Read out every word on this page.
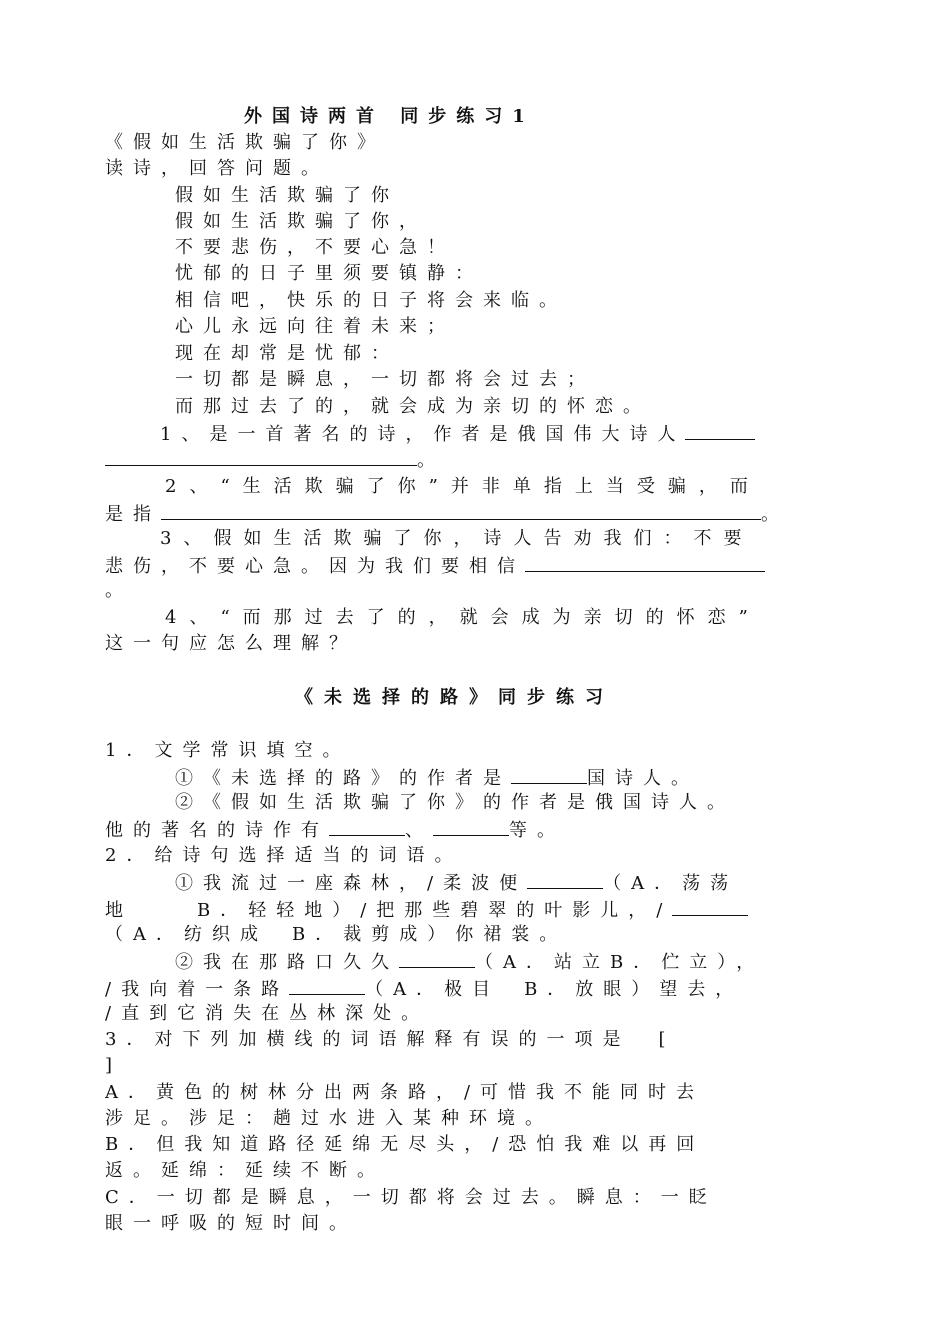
外国诗两首 同步练习1
《假如生活欺骗了你》
读诗，回答问题。
假如生活欺骗了你
假如生活欺骗了你，
不要悲伤，不要心急！
忧郁的日子里须要镇静：
相信吧，快乐的日子将会来临。
心儿永远向往着未来；
现在却常是忧郁：
一切都是瞬息，一切都将会过去；
而那过去了的，就会成为亲切的怀恋。
1、是一首著名的诗，作者是俄国伟大诗人
。
2、“生活欺骗了你”并非单指上当受骗，而
是指	。
3、假如生活欺骗了你，诗人告劝我们：不要
悲伤，不要心急。因为我们要相信
。
4、“而那过去了的，就会成为亲切的怀恋”
这一句应怎么理解？
《未选择的路》同步练习
1．文学常识填空。
①《未选择的路》的作者是	国诗人。
②《假如生活欺骗了你》的作者是俄国诗人。
他的著名的诗作有	、	等。
2．给诗句选择适当的词语。
①我流过一座森林，/柔波便	（A．荡荡
地	B．轻轻地）/把那些碧翠的叶影儿，/
（A．纺织成 B．裁剪成）你裙裳。
②我在那路口久久	（A．站立B．伫立），
/我向着一条路	（A．极目 B．放眼）望去，
/直到它消失在丛林深处。
3．对下列加横线的词语解释有误的一项是 [
]
A．黄色的树林分出两条路，/可惜我不能同时去
涉足。涉足：趟过水进入某种环境。
B．但我知道路径延绵无尽头，/恐怕我难以再回
返。延绵：延续不断。
C．一切都是瞬息，一切都将会过去。瞬息：一眨
眼一呼吸的短时间。
